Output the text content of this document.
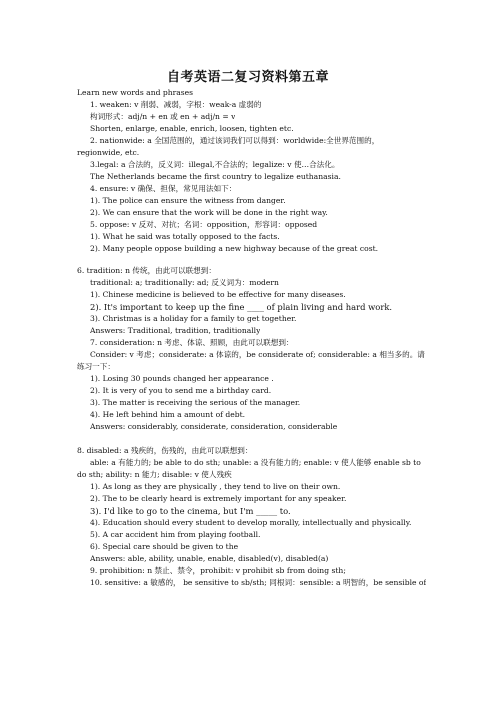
自考英语二复习资料第五章
Learn new words and phrases
1. weaken: v 削弱、减弱，字根：weak-a 虚弱的
构词形式：adj/n + en 或 en + adj/n = v
Shorten, enlarge, enable, enrich, loosen, tighten etc.
2. nationwide: a 全国范围的，通过该词我们可以得到：worldwide:全世界范围的，
regionwide, etc.
3.legal: a 合法的，反义词：illegal,不合法的；legalize: v 使…合法化。
The Netherlands became the first country to legalize euthanasia.
4. ensure: v 确保、担保，常见用法如下：
1). The police can ensure the witness from danger.
2). We can ensure that the work will be done in the right way.
5. oppose: v 反对、对抗；名词：opposition，形容词：opposed
1). What he said was totally opposed to the facts.
2). Many people oppose building a new highway because of the great cost.
6. tradition: n 传统，由此可以联想到：
traditional: a; traditionally: ad; 反义词为：modern
1). Chinese medicine is believed to be effective for many diseases.
2). It's important to keep up the fine ____ of plain living and hard work.
3). Christmas is a holiday for a family to get together.
Answers: Traditional, tradition, traditionally
7. consideration: n 考虑、体谅、照顾，由此可以联想到：
Consider: v 考虑；considerate: a 体谅的，be considerate of; considerable: a 相当多的。请
练习一下：
1). Losing 30 pounds changed her appearance .
2). It is very of you to send me a birthday card.
3). The matter is receiving the serious of the manager.
4). He left behind him a amount of debt.
Answers: considerably, considerate, consideration, considerable
8. disabled: a 残疾的，伤残的，由此可以联想到：
able: a 有能力的; be able to do sth; unable: a 没有能力的; enable: v 使人能够 enable sb to
do sth; ability: n 能力; disable: v 使人残疾
1). As long as they are physically , they tend to live on their own.
2). The to be clearly heard is extremely important for any speaker.
3). I'd like to go to the cinema, but I'm _____ to.
4). Education should every student to develop morally, intellectually and physically.
5). A car accident him from playing football.
6). Special care should be given to the
Answers: able, ability, unable, enable, disabled(v), disabled(a)
9. prohibition: n 禁止、禁令，prohibit: v prohibit sb from doing sth;
10. sensitive: a 敏感的， be sensitive to sb/sth; 同根词：sensible: a 明智的，be sensible of
